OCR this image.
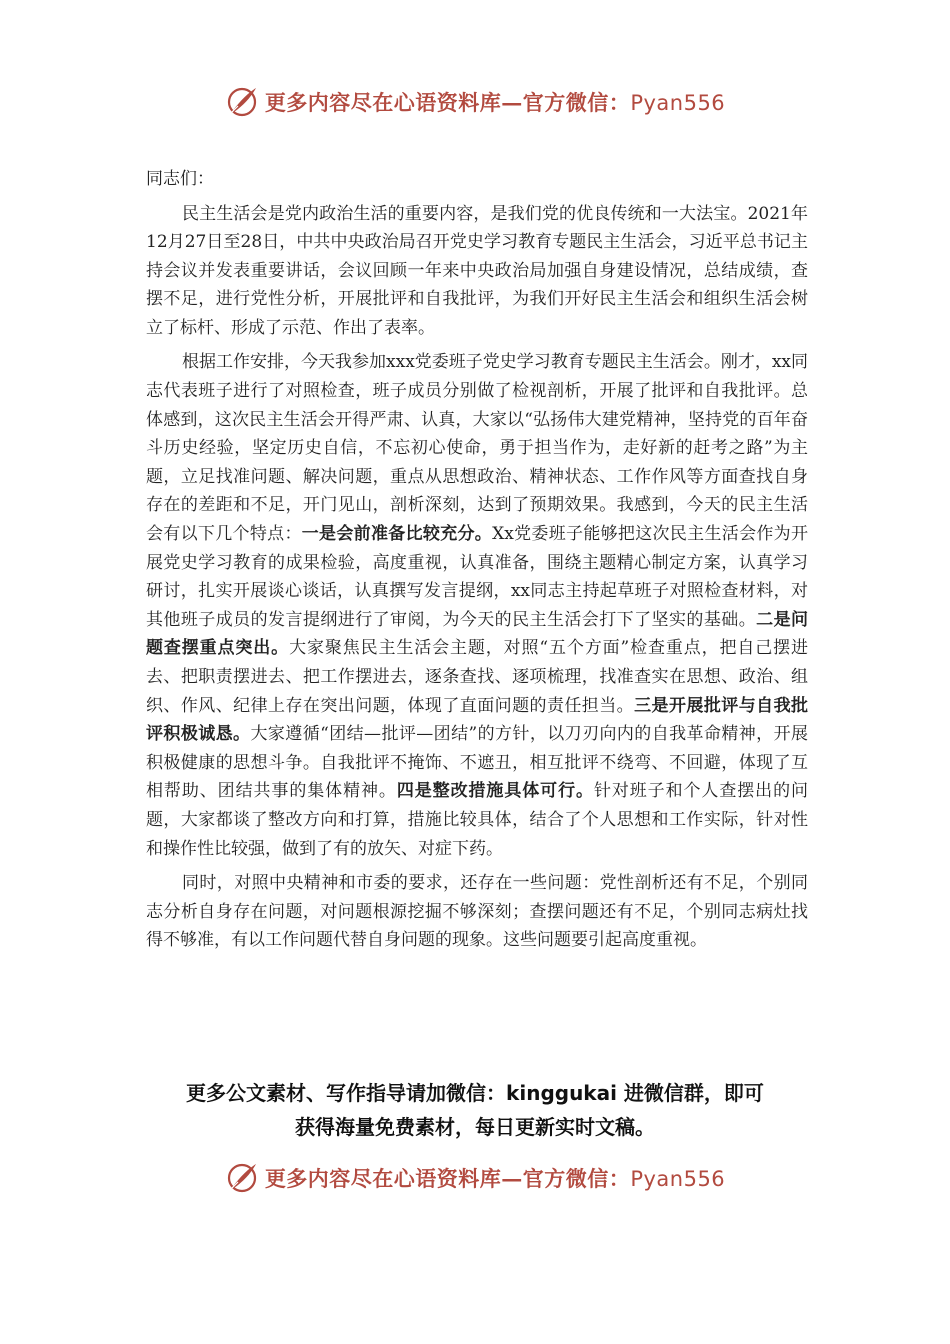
更多内容尽在心语资料库—官方微信：Pyan556

同志们：

民主生活会是党内政治生活的重要内容，是我们党的优良传统和一大法宝。2021年12月27日至28日，中共中央政治局召开党史学习教育专题民主生活会，习近平总书记主持会议并发表重要讲话，会议回顾一年来中央政治局加强自身建设情况，总结成绩，查摆不足，进行党性分析，开展批评和自我批评，为我们开好民主生活会和组织生活会树立了标杆、形成了示范、作出了表率。

根据工作安排，今天我参加xxx党委班子党史学习教育专题民主生活会。刚才，xx同志代表班子进行了对照检查，班子成员分别做了检视剖析，开展了批评和自我批评。总体感到，这次民主生活会开得严肃、认真，大家以“弘扬伟大建党精神，坚持党的百年奋斗历史经验，坚定历史自信，不忘初心使命，勇于担当作为，走好新的赶考之路”为主题，立足找准问题、解决问题，重点从思想政治、精神状态、工作作风等方面查找自身存在的差距和不足，开门见山，剖析深刻，达到了预期效果。我感到，今天的民主生活会有以下几个特点：一是会前准备比较充分。Xx党委班子能够把这次民主生活会作为开展党史学习教育的成果检验，高度重视，认真准备，围绕主题精心制定方案，认真学习研讨，扎实开展谈心谈话，认真撰写发言提纲，xx同志主持起草班子对照检查材料，对其他班子成员的发言提纲进行了审阅，为今天的民主生活会打下了坚实的基础。二是问题查摆重点突出。大家聚焦民主生活会主题，对照“五个方面”检查重点，把自己摆进去、把职责摆进去、把工作摆进去，逐条查找、逐项梳理，找准查实在思想、政治、组织、作风、纪律上存在突出问题，体现了直面问题的责任担当。三是开展批评与自我批评积极诚恳。大家遵循“团结—批评—团结”的方针，以刀刃向内的自我革命精神，开展积极健康的思想斗争。自我批评不掩饰、不遮丑，相互批评不绕弯、不回避，体现了互相帮助、团结共事的集体精神。四是整改措施具体可行。针对班子和个人查摆出的问题，大家都谈了整改方向和打算，措施比较具体，结合了个人思想和工作实际，针对性和操作性比较强，做到了有的放矢、对症下药。

同时，对照中央精神和市委的要求，还存在一些问题：党性剖析还有不足，个别同志分析自身存在问题，对问题根源挖掘不够深刻；查摆问题还有不足，个别同志病灶找得不够准，有以工作问题代替自身问题的现象。这些问题要引起高度重视。

更多公文素材、写作指导请加微信：kinggukai 进微信群，即可
获得海量免费素材，每日更新实时文稿。
更多内容尽在心语资料库—官方微信：Pyan556
